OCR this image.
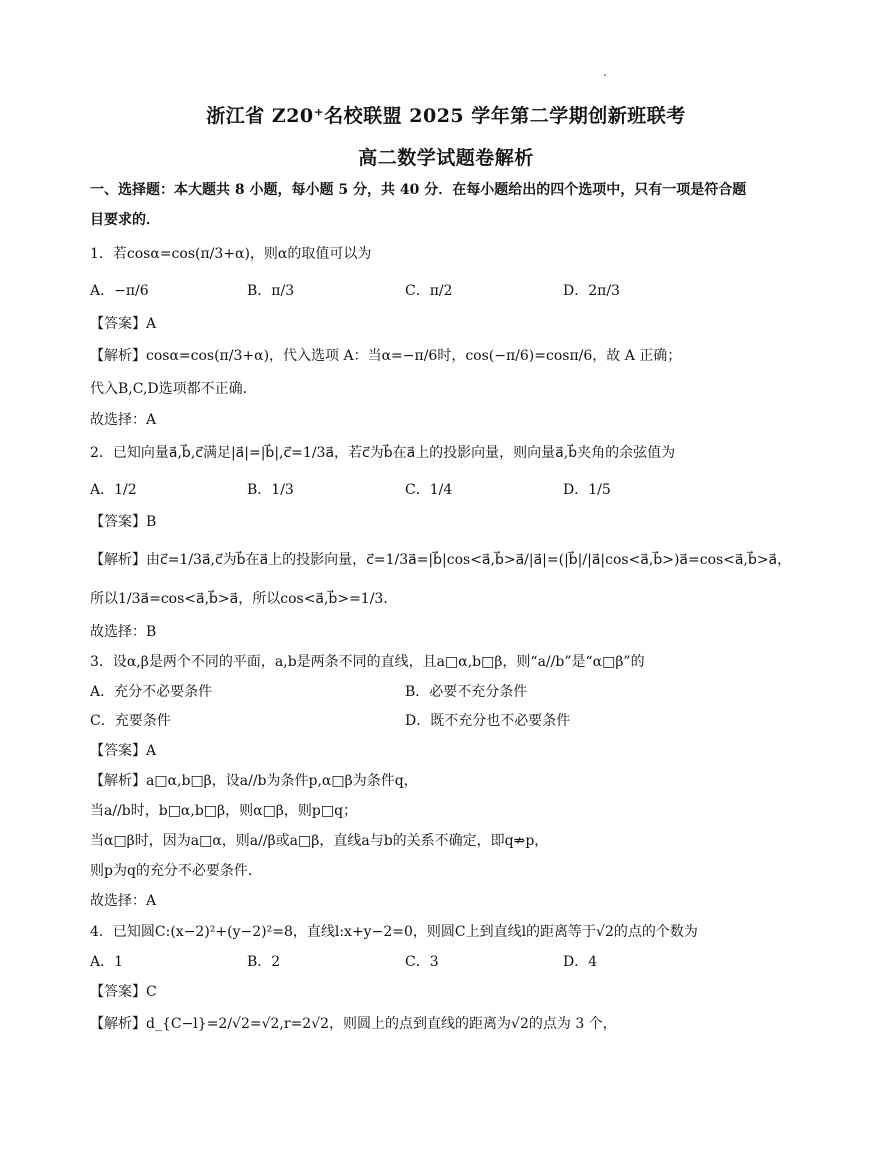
浙江省 Z20⁺名校联盟 2025 学年第二学期创新班联考
高二数学试题卷解析
一、选择题：本大题共 8 小题，每小题 5 分，共 40 分．在每小题给出的四个选项中，只有一项是符合题
目要求的．
1．若cosα=cos(π/3+α)，则α的取值可以为
A．−π/6	B．π/3	C．π/2	D．2π/3
【答案】A
【解析】cosα=cos(π/3+α)，代入选项 A：当α=−π/6时，cos(−π/6)=cosπ/6，故 A 正确；
代入B,C,D选项都不正确．
故选择：A
2．已知向量a⃗,b⃗,c⃗满足|a⃗|=|b⃗|,c⃗=1/3a⃗，若c⃗为b⃗在a⃗上的投影向量，则向量a⃗,b⃗夹角的余弦值为
A．1/2	B．1/3	C．1/4	D．1/5
【答案】B
【解析】由c⃗=1/3a⃗,c⃗为b⃗在a⃗上的投影向量，c⃗=1/3a⃗=|b⃗|cos<a⃗,b⃗>a⃗/|a⃗|=(|b⃗|/|a⃗|cos<a⃗,b⃗>)a⃗=cos<a⃗,b⃗>a⃗，
所以1/3a⃗=cos<a⃗,b⃗>a⃗，所以cos<a⃗,b⃗>=1/3．
故选择：B
3．设α,β是两个不同的平面，a,b是两条不同的直线，且a□α,b□β，则“a//b”是“α□β”的
A．充分不必要条件	B．必要不充分条件
C．充要条件	D．既不充分也不必要条件
【答案】A
【解析】a□α,b□β，设a//b为条件p,α□β为条件q，
当a//b时，b□α,b□β，则α□β，则p□q；
当α□β时，因为a□α，则a//β或a□β，直线a与b的关系不确定，即q⇏p，
则p为q的充分不必要条件．
故选择：A
4．已知圆C:(x−2)²+(y−2)²=8，直线l:x+y−2=0，则圆C上到直线l的距离等于√2的点的个数为
A．1	B．2	C．3	D．4
【答案】C
【解析】d_{C−l}=2/√2=√2,r=2√2，则圆上的点到直线的距离为√2的点为 3 个，
